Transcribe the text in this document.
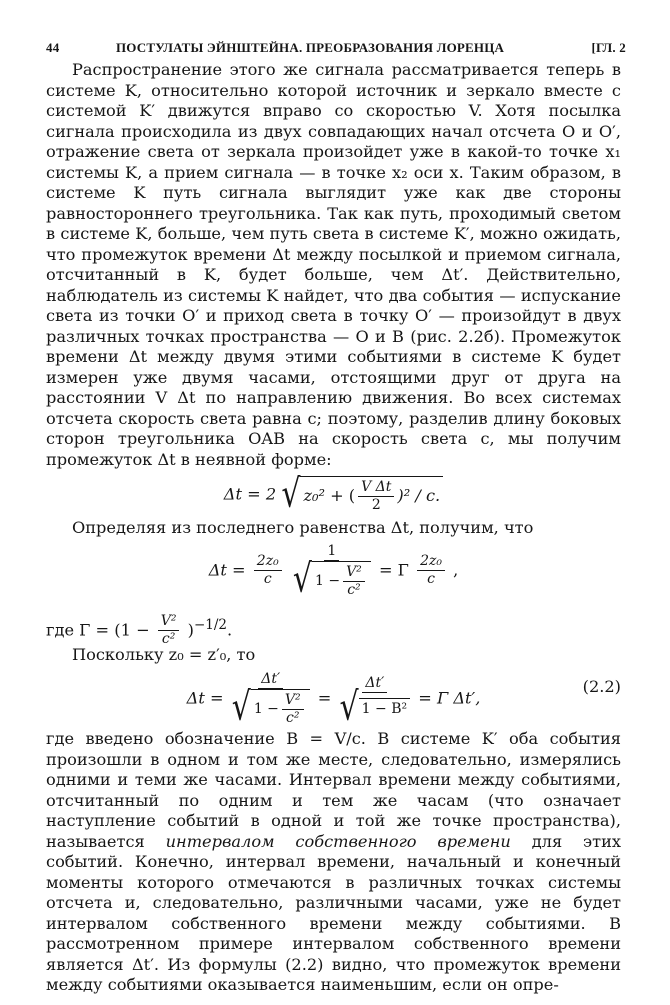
44	ПОСТУЛАТЫ ЭЙНШТЕЙНА. ПРЕОБРАЗОВАНИЯ ЛОРЕНЦА	[ГЛ. 2

Распространение этого же сигнала рассматривается теперь в системе K, относительно которой источник и зеркало вместе с системой K′ движутся вправо со скоростью V. Хотя посылка сигнала происходила из двух совпадающих начал отсчета O и O′, отражение света от зеркала произойдет уже в какой-то точке x₁ системы K, а прием сигнала — в точке x₂ оси x. Таким образом, в системе K путь сигнала выглядит уже как две стороны равностороннего треугольника. Так как путь, проходимый светом в системе K, больше, чем путь света в системе K′, можно ожидать, что промежуток времени Δt между посылкой и приемом сигнала, отсчитанный в K, будет больше, чем Δt′. Действительно, наблюдатель из системы K найдет, что два события — испускание света из точки O′ и приход света в точку O′ — произойдут в двух различных точках пространства — O и B (рис. 2.2б). Промежуток времени Δt между двумя этими событиями в системе K будет измерен уже двумя часами, отстоящими друг от друга на расстоянии V Δt по направлению движения. Во всех системах отсчета скорость света равна c; поэтому, разделив длину боковых сторон треугольника OAB на скорость света c, мы получим промежуток Δt в неявной форме:

Δt = 2 √ z₀² + ( $\frac{\text{V Δt}}{2} )^2$ / c.

Определяя из последнего равенства Δt, получим, что

$\Delta t = \frac{\text{2z₀}}{c}$

1
√ $1 - \frac{\text{V²}}{\text{c²}} = \Gamma \frac{\text{2z₀}}{c}$ ,
где $\Gamma = (1 - \frac{\text{V²}}{\text{c²}} )^{-1/2}$.

Поскольку z₀ = z′₀, то

Δt =
Δt′
√ $1 - \frac{\text{V²}}{\text{c²}} = \frac{\Delta t'}{\text{√ 1 − B²}} = \Gamma$ Δt′,
(2.2)

где введено обозначение B = V/c. В системе K′ оба события произошли в одном и том же месте, следовательно, измерялись одними и теми же часами. Интервал времени между событиями, отсчитанный по одним и тем же часам (что означает наступление событий в одной и той же точке пространства), называется интервалом собственного времени для этих событий. Конечно, интервал времени, начальный и конечный моменты которого отмечаются в различных точках системы отсчета и, следовательно, различными часами, уже не будет интервалом собственного времени между событиями. В рассмотренном примере интервалом собственного времени является Δt′. Из формулы (2.2) видно, что промежуток времени между событиями оказывается наименьшим, если он опре-
